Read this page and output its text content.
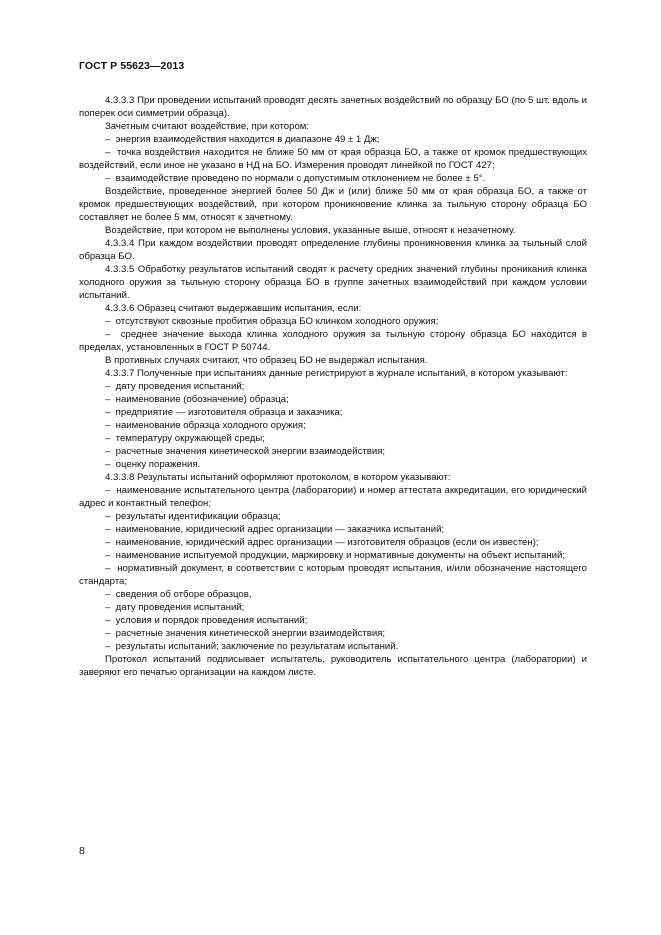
ГОСТ Р 55623—2013

4.3.3.3 При проведении испытаний проводят десять зачетных воздействий по образцу БО (по 5 шт. вдоль и поперек оси симметрии образца).

Зачетным считают воздействие, при котором:

–  энергия взаимодействия находится в диапазоне 49 ± 1 Дж;

–  точка воздействия находится не ближе 50 мм от края образца БО, а также от кромок предшествующих воздействий, если иное не указано в НД на БО. Измерения проводят линейкой по ГОСТ 427;

–  взаимодействие проведено по нормали с допустимым отклонением не более ± 5°.

Воздействие, проведенное энергией более 50 Дж и (или) ближе 50 мм от края образца БО, а также от кромок предшествующих воздействий, при котором проникновение клинка за тыльную сторону образца БО составляет не более 5 мм, относят к зачетному.

Воздействие, при котором не выполнены условия, указанные выше, относят к незачетному.

4.3.3.4 При каждом воздействии проводят определение глубины проникновения клинка за тыльный слой образца БО.

4.3.3.5 Обработку результатов испытаний сводят к расчету средних значений глубины проникания клинка холодного оружия за тыльную сторону образца БО в группе зачетных взаимодействий при каждом условии испытаний.

4.3.3.6 Образец считают выдержавшим испытания, если:

–  отсутствуют сквозные пробития образца БО клинком холодного оружия;

–  среднее значение выхода клинка холодного оружия за тыльную сторону образца БО находится в пределах, установленных в ГОСТ Р 50744.

В противных случаях считают, что образец БО не выдержал испытания.

4.3.3.7 Полученные при испытаниях данные регистрируют в журнале испытаний, в котором указывают:

–  дату проведения испытаний;

–  наименование (обозначение) образца;

–  предприятие — изготовителя образца и заказчика;

–  наименование образца холодного оружия;

–  температуру окружающей среды;

–  расчетные значения кинетической энергии взаимодействия;

–  оценку поражения.

4.3.3.8 Результаты испытаний оформляют протоколом, в котором указывают:

–  наименование испытательного центра (лаборатории) и номер аттестата аккредитации, его юридический адрес и контактный телефон;

–  результаты идентификации образца;

–  наименование, юридический адрес организации — заказчика испытаний;

–  наименование, юридический адрес организации — изготовителя образцов (если он известен);

–  наименование испытуемой продукции, маркировку и нормативные документы на объект испытаний;

–  нормативный документ, в соответствии с которым проводят испытания, и/или обозначение настоящего стандарта;

–  сведения об отборе образцов,

–  дату проведения испытаний;

–  условия и порядок проведения испытаний;

–  расчетные значения кинетической энергии взаимодействия;

–  результаты испытаний; заключение по результатам испытаний.

Протокол испытаний подписывает испытатель, руководитель испытательного центра (лаборатории) и заверяют его печатью организации на каждом листе.

8
